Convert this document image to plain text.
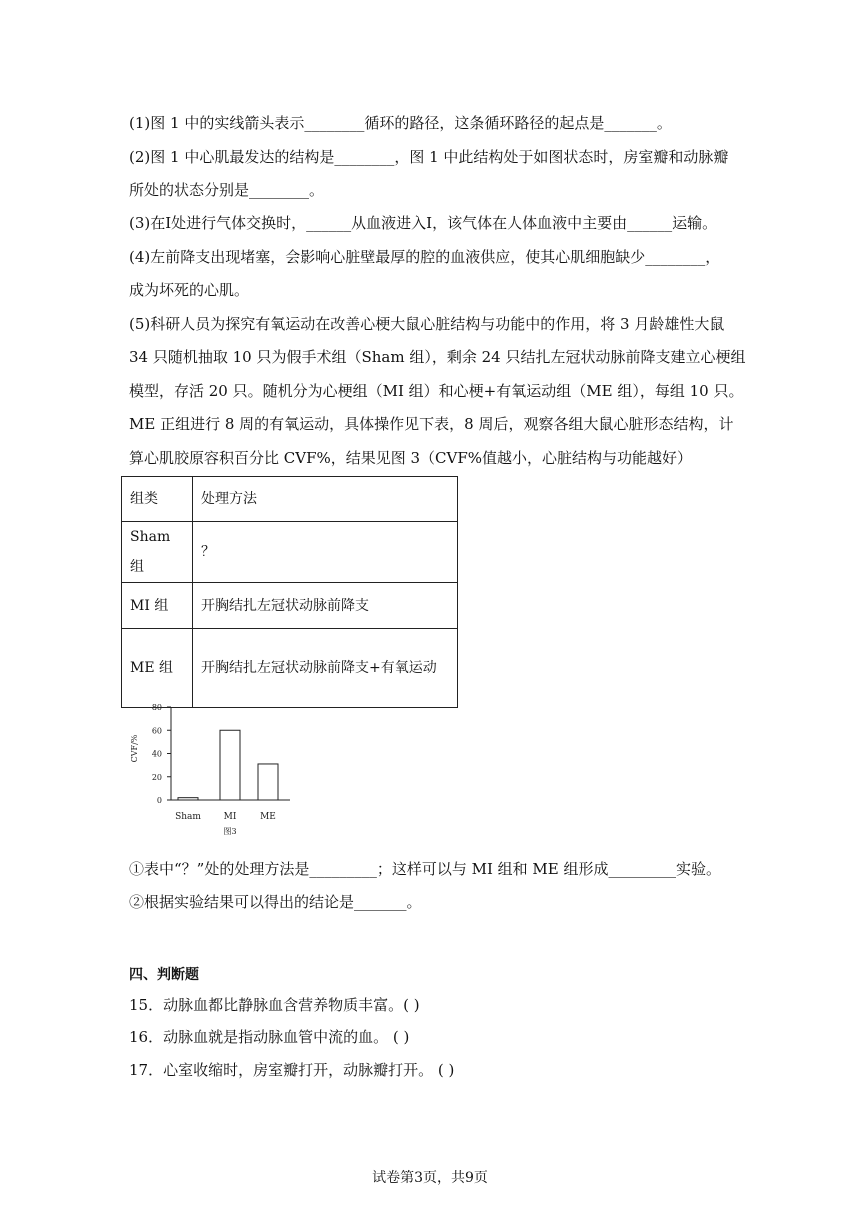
(1)图 1 中的实线箭头表示________循环的路径，这条循环路径的起点是_______。
(2)图 1 中心肌最发达的结构是________，图 1 中此结构处于如图状态时，房室瓣和动脉瓣
所处的状态分别是________。
(3)在Ⅰ处进行气体交换时，______从血液进入Ⅰ，该气体在人体血液中主要由______运输。
(4)左前降支出现堵塞，会影响心脏壁最厚的腔的血液供应，使其心肌细胞缺少________，
成为坏死的心肌。
(5)科研人员为探究有氧运动在改善心梗大鼠心脏结构与功能中的作用，将 3 月龄雄性大鼠
34 只随机抽取 10 只为假手术组（Sham 组），剩余 24 只结扎左冠状动脉前降支建立心梗组
模型，存活 20 只。随机分为心梗组（MI 组）和心梗+有氧运动组（ME 组），每组 10 只。
ME 正组进行 8 周的有氧运动，具体操作见下表，8 周后，观察各组大鼠心脏形态结构，计
算心肌胶原容积百分比 CVF%，结果见图 3（CVF%值越小，心脏结构与功能越好）
组类	处理方法
Sham 组	？
MI 组	开胸结扎左冠状动脉前降支
ME 组	开胸结扎左冠状动脉前降支+有氧运动
0
20
40
60
80
CVF/%
Sham	MI	ME
图3
①表中“？”处的处理方法是_________；这样可以与 MI 组和 ME 组形成_________实验。
②根据实验结果可以得出的结论是_______。
四、判断题
15．动脉血都比静脉血含营养物质丰富。( )
16．动脉血就是指动脉血管中流的血。 ( )
17．心室收缩时，房室瓣打开，动脉瓣打开。 ( )
试卷第3页，共9页
